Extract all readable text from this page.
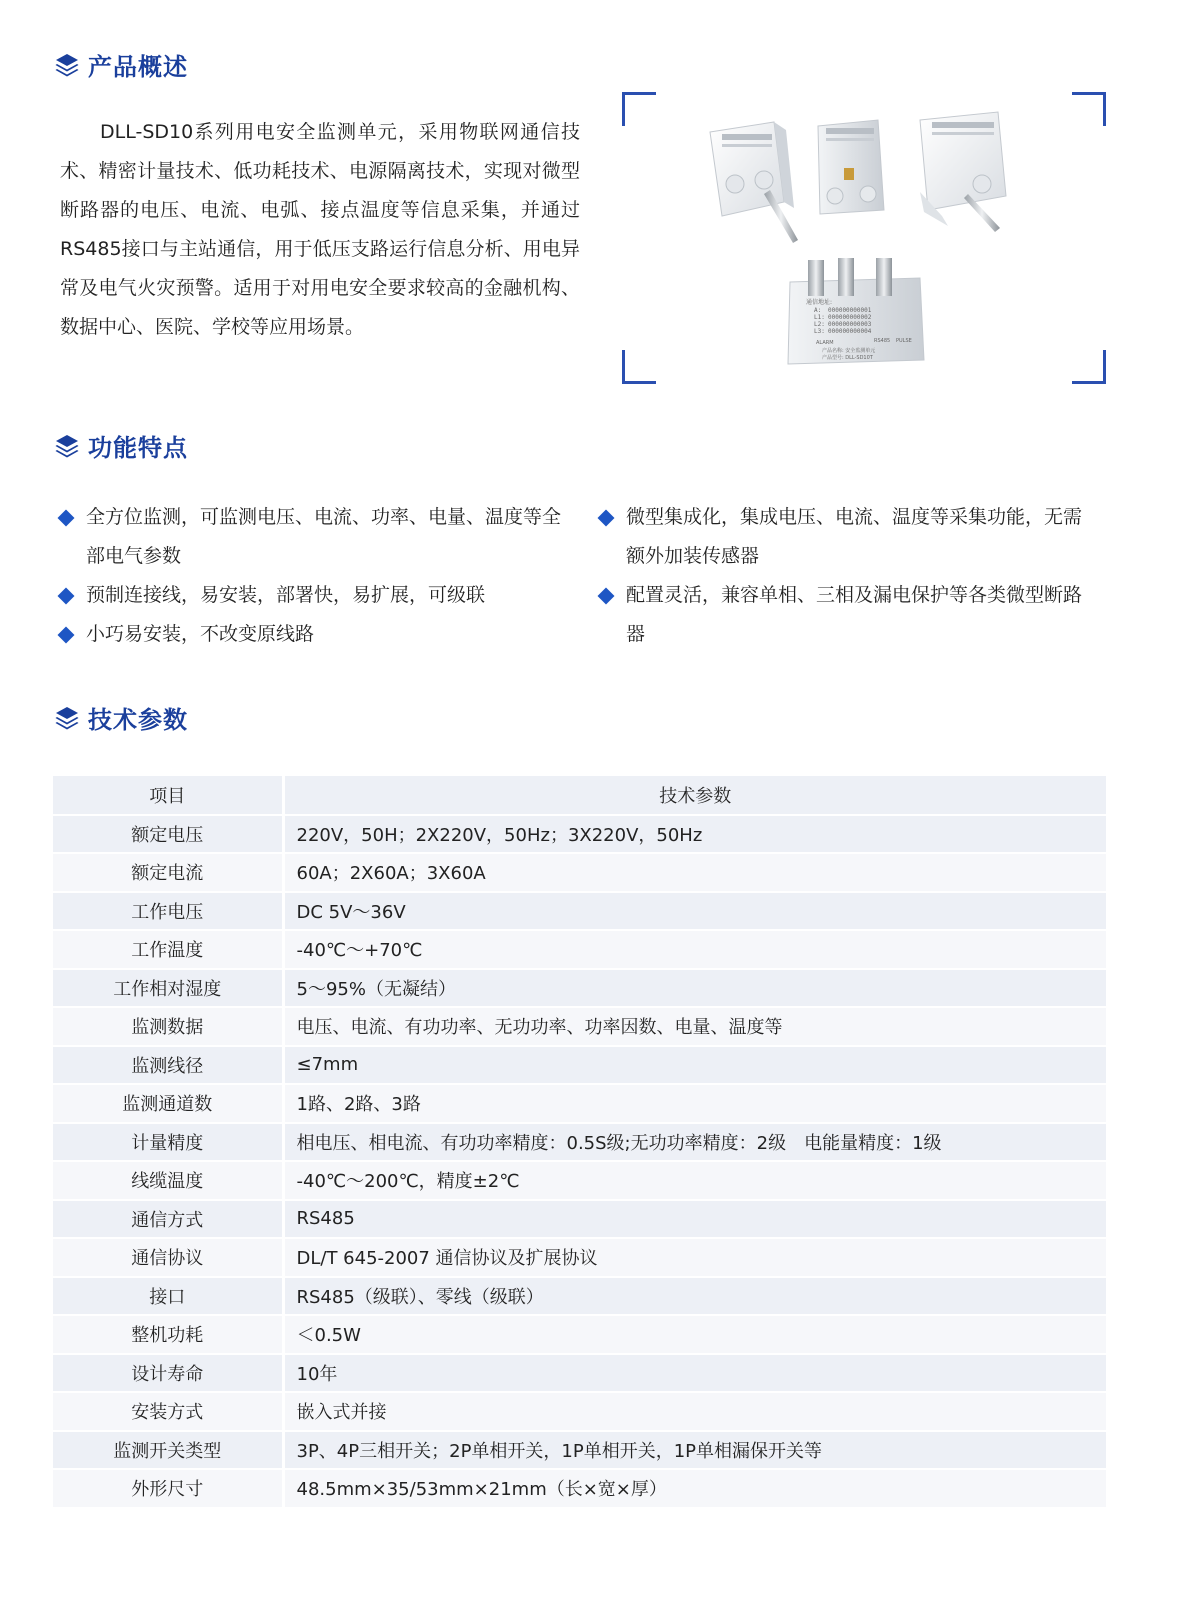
产品概述

DLL-SD10系列用电安全监测单元，采用物联网通信技术、精密计量技术、低功耗技术、电源隔离技术，实现对微型断路器的电压、电流、电弧、接点温度等信息采集，并通过RS485接口与主站通信，用于低压支路运行信息分析、用电异常及电气火灾预警。适用于对用电安全要求较高的金融机构、数据中心、医院、学校等应用场景。

通信地址:
A: 000000000001
L1: 000000000002
L2: 000000000003
L3: 000000000004
ALARM	RS485 PULSE
产品名称: 安全监测单元
产品型号: DLL-SD10T
功能特点
全方位监测，可监测电压、电流、功率、电量、温度等全部电气参数
预制连接线，易安装，部署快，易扩展，可级联
小巧易安装，不改变原线路
微型集成化，集成电压、电流、温度等采集功能，无需额外加装传感器
配置灵活，兼容单相、三相及漏电保护等各类微型断路器
技术参数
项目	技术参数
额定电压	220V，50H；2X220V，50Hz；3X220V，50Hz
额定电流	60A；2X60A；3X60A
工作电压	DC 5V～36V
工作温度	-40℃～+70℃
工作相对湿度	5～95%（无凝结）
监测数据	电压、电流、有功功率、无功功率、功率因数、电量、温度等
监测线径	≤7mm
监测通道数	1路、2路、3路
计量精度	相电压、相电流、有功功率精度：0.5S级;无功功率精度：2级　电能量精度：1级
线缆温度	-40℃～200℃，精度±2℃
通信方式	RS485
通信协议	DL/T 645-2007 通信协议及扩展协议
接口	RS485（级联）、零线（级联）
整机功耗	＜0.5W
设计寿命	10年
安装方式	嵌入式并接
监测开关类型	3P、4P三相开关；2P单相开关，1P单相开关，1P单相漏保开关等
外形尺寸	48.5mm×35/53mm×21mm（长×宽×厚）
